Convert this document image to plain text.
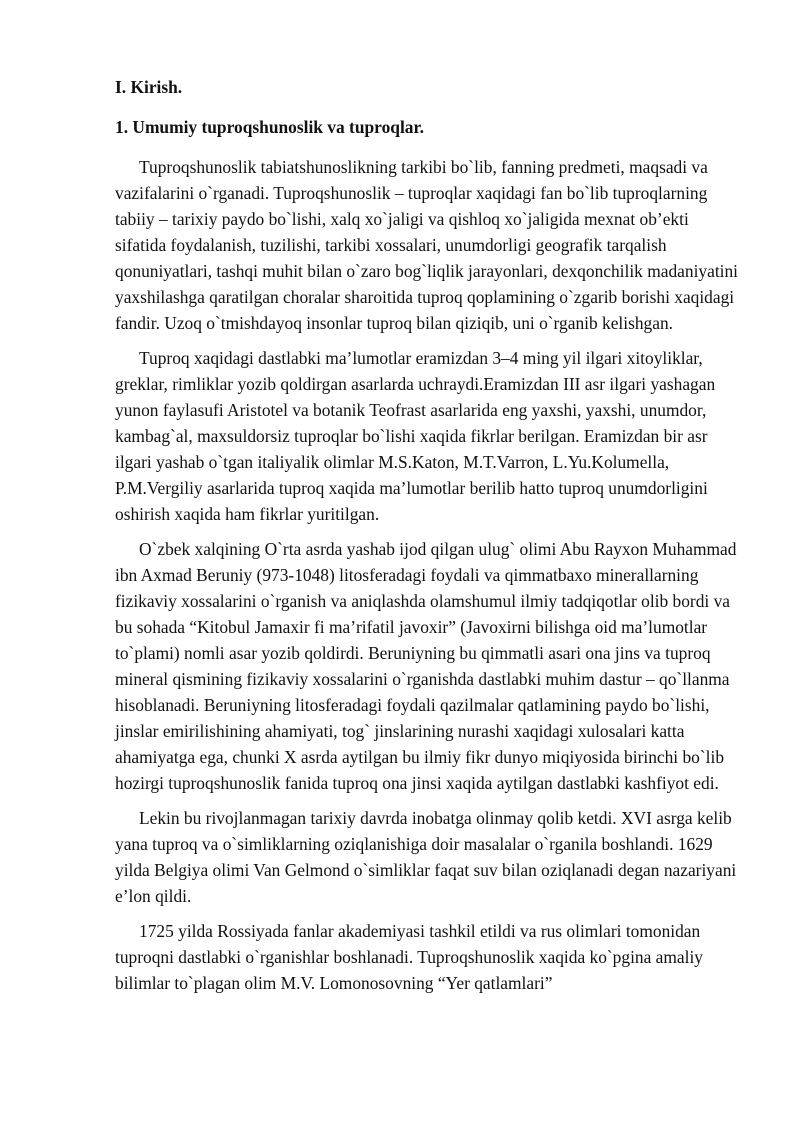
I. Kirish.

1. Umumiy tuproqshunoslik va tuproqlar.

Tuproqshunoslik tabiatshunoslikning tarkibi bo`lib, fanning predmeti, maqsadi va vazifalarini o`rganadi. Tuproqshunoslik – tuproqlar xaqidagi fan bo`lib tuproqlarning tabiiy – tarixiy paydo bo`lishi, xalq xo`jaligi va qishloq xo`jaligida mexnat ob’ekti sifatida foydalanish, tuzilishi, tarkibi xossalari, unumdorligi geografik tarqalish qonuniyatlari, tashqi muhit bilan o`zaro bog`liqlik jarayonlari, dexqonchilik madaniyatini yaxshilashga qaratilgan choralar sharoitida tuproq qoplamining o`zgarib borishi xaqidagi fandir. Uzoq o`tmishdayoq insonlar tuproq bilan qiziqib, uni o`rganib kelishgan.

Tuproq xaqidagi dastlabki ma’lumotlar eramizdan 3–4 ming yil ilgari xitoyliklar, greklar, rimliklar yozib qoldirgan asarlarda uchraydi.Eramizdan III asr ilgari yashagan yunon faylasufi Aristotel va botanik Teofrast asarlarida eng yaxshi, yaxshi, unumdor, kambag`al, maxsuldorsiz tuproqlar bo`lishi xaqida fikrlar berilgan. Eramizdan bir asr ilgari yashab o`tgan italiyalik olimlar M.S.Katon, M.T.Varron, L.Yu.Kolumella, P.M.Vergiliy asarlarida tuproq xaqida ma’lumotlar berilib hatto tuproq unumdorligini oshirish xaqida ham fikrlar yuritilgan.

O`zbek xalqining O`rta asrda yashab ijod qilgan ulug` olimi Abu Rayxon Muhammad ibn Axmad Beruniy (973-1048) litosferadagi foydali va qimmatbaxo minerallarning fizikaviy xossalarini o`rganish va aniqlashda olamshumul ilmiy tadqiqotlar olib bordi va bu sohada “Kitobul Jamaxir fi ma’rifatil javoxir” (Javoxirni bilishga oid ma’lumotlar to`plami) nomli asar yozib qoldirdi. Beruniyning bu qimmatli asari ona jins va tuproq mineral qismining fizikaviy xossalarini o`rganishda dastlabki muhim dastur – qo`llanma hisoblanadi. Beruniyning litosferadagi foydali qazilmalar qatlamining paydo bo`lishi, jinslar emirilishining ahamiyati, tog` jinslarining nurashi xaqidagi xulosalari katta ahamiyatga ega, chunki X asrda aytilgan bu ilmiy fikr dunyo miqiyosida birinchi bo`lib hozirgi tuproqshunoslik fanida tuproq ona jinsi xaqida aytilgan dastlabki kashfiyot edi.

Lekin bu rivojlanmagan tarixiy davrda inobatga olinmay qolib ketdi. XVI asrga kelib yana tuproq va o`simliklarning oziqlanishiga doir masalalar o`rganila boshlandi. 1629 yilda Belgiya olimi Van Gelmond o`simliklar faqat suv bilan oziqlanadi degan nazariyani e’lon qildi.

1725 yilda Rossiyada fanlar akademiyasi tashkil etildi va rus olimlari tomonidan tuproqni dastlabki o`rganishlar boshlanadi. Tuproqshunoslik xaqida ko`pgina amaliy bilimlar to`plagan olim M.V. Lomonosovning “Yer qatlamlari”
